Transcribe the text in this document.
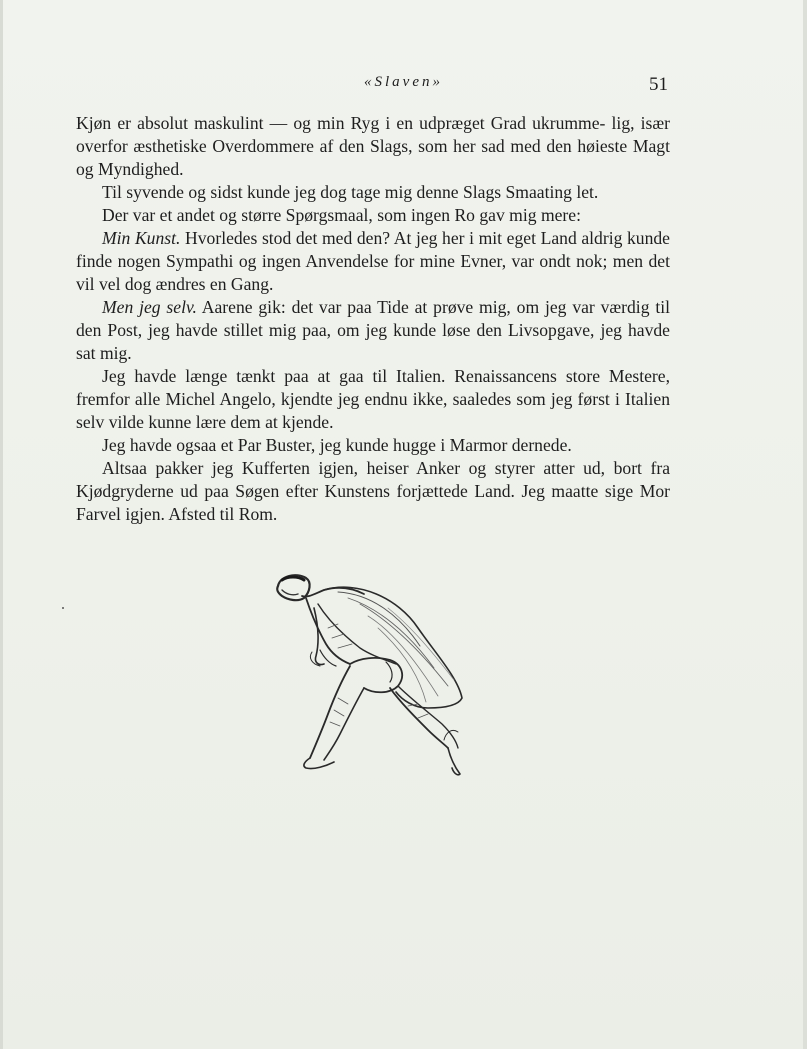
«Slaven»	51

Kjøn er absolut maskulint — og min Ryg i en udpræget Grad ukrumme- lig, især overfor æsthetiske Overdommere af den Slags, som her sad med den høieste Magt og Myndighed.

Til syvende og sidst kunde jeg dog tage mig denne Slags Smaating let.

Der var et andet og større Spørgsmaal, som ingen Ro gav mig mere:

Min Kunst. Hvorledes stod det med den? At jeg her i mit eget Land aldrig kunde finde nogen Sympathi og ingen Anvendelse for mine Evner, var ondt nok; men det vil vel dog ændres en Gang.

Men jeg selv. Aarene gik: det var paa Tide at prøve mig, om jeg var værdig til den Post, jeg havde stillet mig paa, om jeg kunde løse den Livsopgave, jeg havde sat mig.

Jeg havde længe tænkt paa at gaa til Italien. Renaissancens store Mestere, fremfor alle Michel Angelo, kjendte jeg endnu ikke, saaledes som jeg først i Italien selv vilde kunne lære dem at kjende.

Jeg havde ogsaa et Par Buster, jeg kunde hugge i Marmor dernede.

Altsaa pakker jeg Kufferten igjen, heiser Anker og styrer atter ud, bort fra Kjødgryderne ud paa Søgen efter Kunstens forjættede Land. Jeg maatte sige Mor Farvel igjen. Afsted til Rom.
